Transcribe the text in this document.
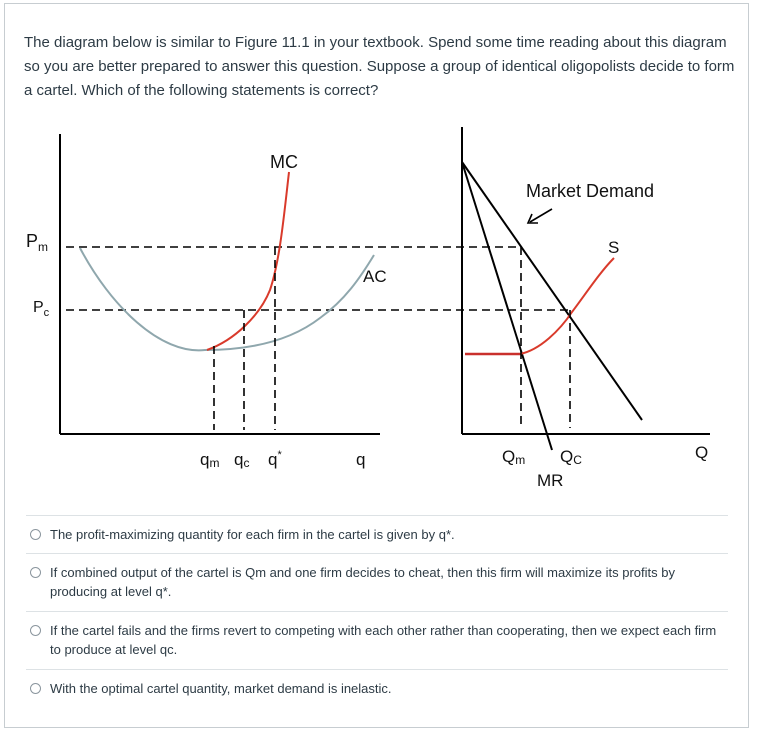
The diagram below is similar to Figure 11.1 in your textbook. Spend some time reading about this diagram so you are better prepared to answer this question. Suppose a group of identical oligopolists decide to form a cartel. Which of the following statements is correct?

MC
AC
$P_m$
$P_c$
qm qc q*	q
Market Demand
S
Qm QC
MR
Q
The profit-maximizing quantity for each firm in the cartel is given by q*.
If combined output of the cartel is Qm and one firm decides to cheat, then this firm will maximize its profits by producing at level q*.
If the cartel fails and the firms revert to competing with each other rather than cooperating, then we expect each firm to produce at level qc.
With the optimal cartel quantity, market demand is inelastic.
